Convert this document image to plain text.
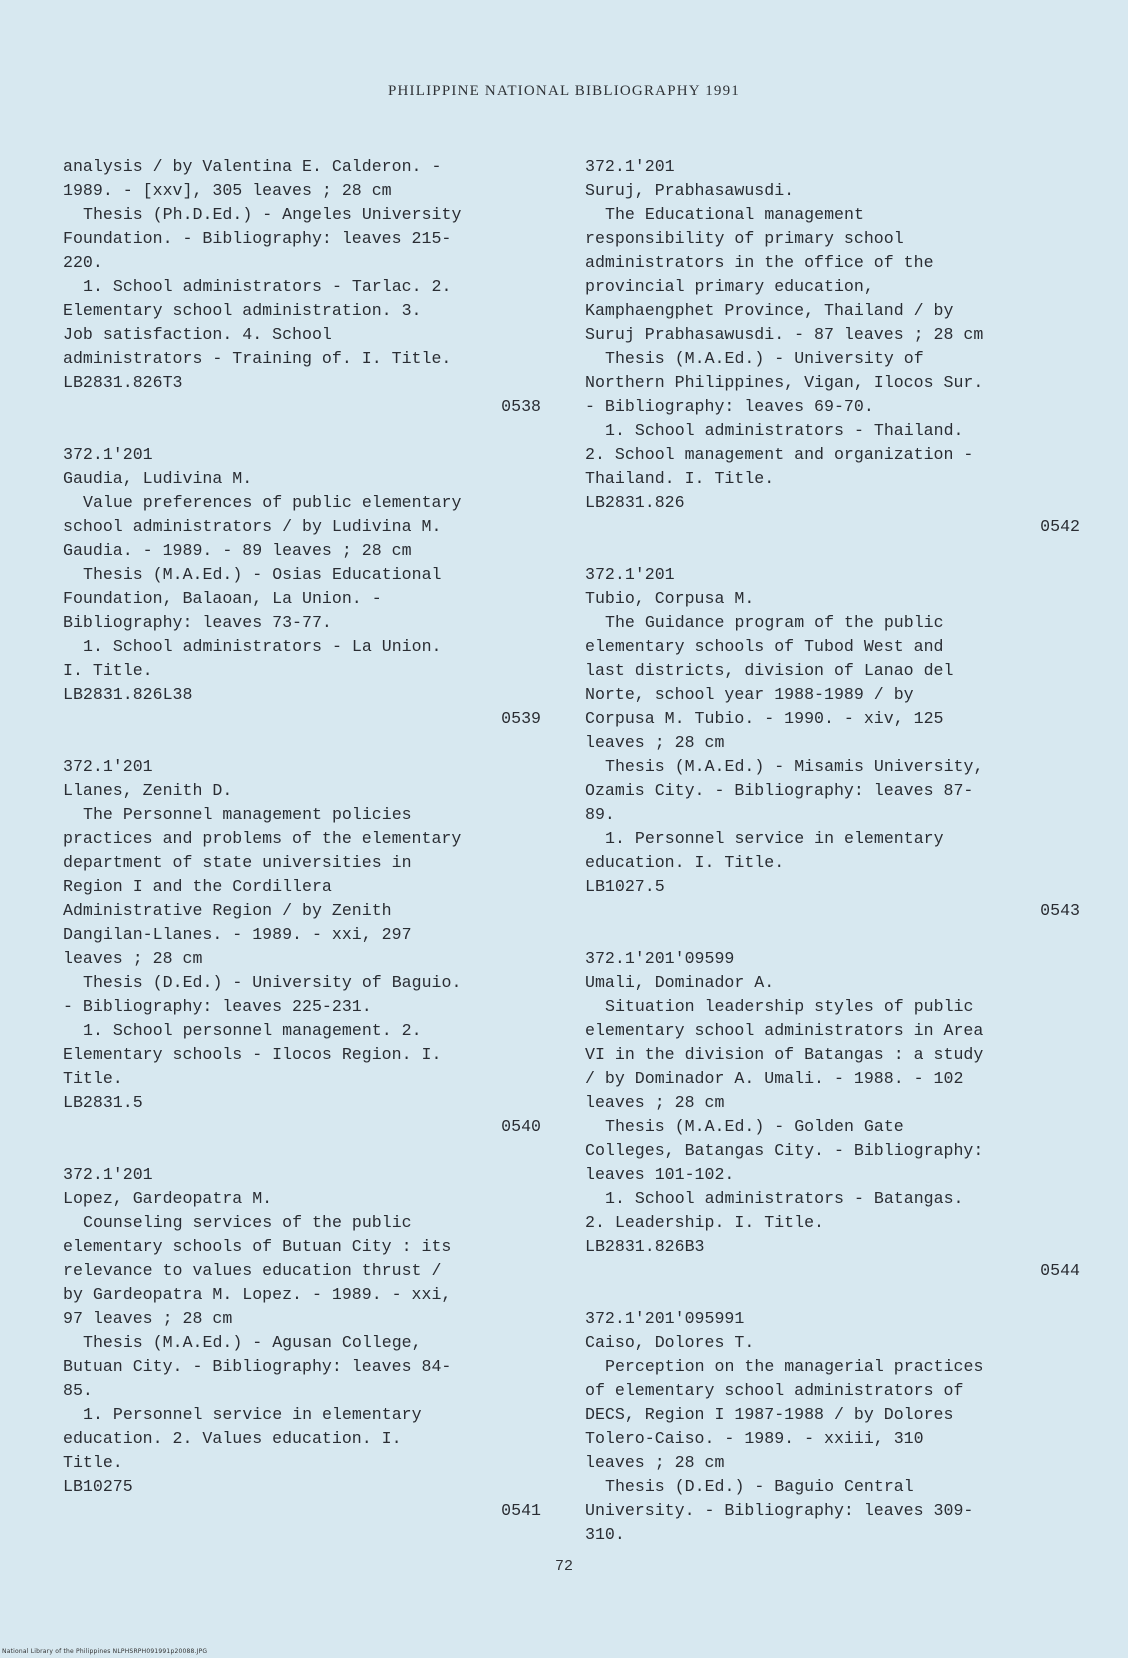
PHILIPPINE NATIONAL BIBLIOGRAPHY 1991

analysis / by Valentina E. Calderon. -

1989. - [xxv], 305 leaves ; 28 cm

Thesis (Ph.D.Ed.) - Angeles University

Foundation. - Bibliography: leaves 215-

220.

1. School administrators - Tarlac. 2.

Elementary school administration. 3.

Job satisfaction. 4. School

administrators - Training of. I. Title.

LB2831.826T3

0538

372.1'201

Gaudia, Ludivina M.

Value preferences of public elementary

school administrators / by Ludivina M.

Gaudia. - 1989. - 89 leaves ; 28 cm

Thesis (M.A.Ed.) - Osias Educational

Foundation, Balaoan, La Union. -

Bibliography: leaves 73-77.

1. School administrators - La Union.

I. Title.

LB2831.826L38

0539

372.1'201

Llanes, Zenith D.

The Personnel management policies

practices and problems of the elementary

department of state universities in

Region I and the Cordillera

Administrative Region / by Zenith

Dangilan-Llanes. - 1989. - xxi, 297

leaves ; 28 cm

Thesis (D.Ed.) - University of Baguio.

- Bibliography: leaves 225-231.

1. School personnel management. 2.

Elementary schools - Ilocos Region. I.

Title.

LB2831.5

0540

372.1'201

Lopez, Gardeopatra M.

Counseling services of the public

elementary schools of Butuan City : its

relevance to values education thrust /

by Gardeopatra M. Lopez. - 1989. - xxi,

97 leaves ; 28 cm

Thesis (M.A.Ed.) - Agusan College,

Butuan City. - Bibliography: leaves 84-

85.

1. Personnel service in elementary

education. 2. Values education. I.

Title.

LB10275

0541

372.1'201

Suruj, Prabhasawusdi.

The Educational management

responsibility of primary school

administrators in the office of the

provincial primary education,

Kamphaengphet Province, Thailand / by

Suruj Prabhasawusdi. - 87 leaves ; 28 cm

Thesis (M.A.Ed.) - University of

Northern Philippines, Vigan, Ilocos Sur.

- Bibliography: leaves 69-70.

1. School administrators - Thailand.

2. School management and organization -

Thailand. I. Title.

LB2831.826

0542

372.1'201

Tubio, Corpusa M.

The Guidance program of the public

elementary schools of Tubod West and

last districts, division of Lanao del

Norte, school year 1988-1989 / by

Corpusa M. Tubio. - 1990. - xiv, 125

leaves ; 28 cm

Thesis (M.A.Ed.) - Misamis University,

Ozamis City. - Bibliography: leaves 87-

89.

1. Personnel service in elementary

education. I. Title.

LB1027.5

0543

372.1'201'09599

Umali, Dominador A.

Situation leadership styles of public

elementary school administrators in Area

VI in the division of Batangas : a study

/ by Dominador A. Umali. - 1988. - 102

leaves ; 28 cm

Thesis (M.A.Ed.) - Golden Gate

Colleges, Batangas City. - Bibliography:

leaves 101-102.

1. School administrators - Batangas.

2. Leadership. I. Title.

LB2831.826B3

0544

372.1'201'095991

Caiso, Dolores T.

Perception on the managerial practices

of elementary school administrators of

DECS, Region I 1987-1988 / by Dolores

Tolero-Caiso. - 1989. - xxiii, 310

leaves ; 28 cm

Thesis (D.Ed.) - Baguio Central

University. - Bibliography: leaves 309-

310.

72
National Library of the Philippines NLPHSRPH091991p20088.JPG
